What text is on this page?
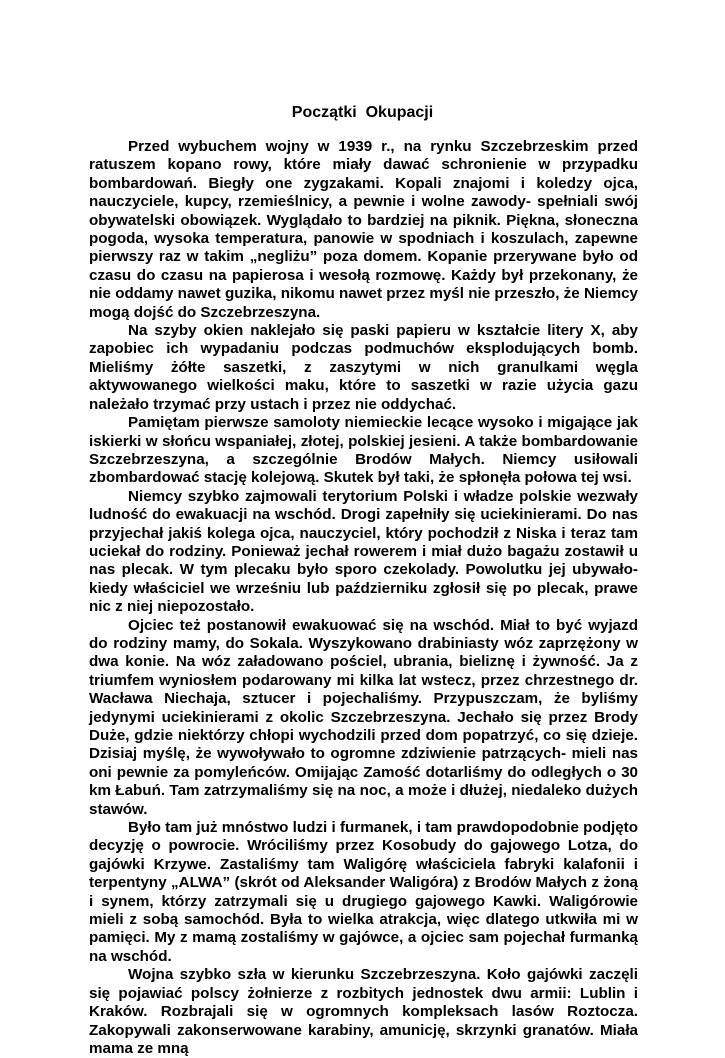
Początki  Okupacji

Przed wybuchem wojny w 1939 r., na rynku Szczebrzeskim przed ratuszem kopano rowy, które miały dawać schronienie w przypadku bombardowań. Biegły one zygzakami. Kopali znajomi i koledzy ojca, nauczyciele, kupcy, rzemieślnicy, a pewnie i wolne zawody- spełniali swój obywatelski obowiązek. Wyglądało to bardziej na piknik. Piękna, słoneczna pogoda, wysoka temperatura, panowie w spodniach i koszulach, zapewne pierwszy raz w takim „negliżu” poza domem. Kopanie przerywane było od czasu do czasu na papierosa i wesołą rozmowę. Każdy był przekonany, że nie oddamy nawet guzika, nikomu nawet przez myśl nie przeszło, że Niemcy mogą dojść do Szczebrzeszyna.

Na szyby okien naklejało się paski papieru w kształcie litery X, aby zapobiec ich wypadaniu podczas podmuchów eksplodujących bomb. Mieliśmy żółte saszetki, z zaszytymi w nich granulkami węgla aktywowanego wielkości maku, które to saszetki w razie użycia gazu należało trzymać przy ustach i przez nie oddychać.

Pamiętam pierwsze samoloty niemieckie lecące wysoko i migające jak iskierki w słońcu wspaniałej, złotej, polskiej jesieni. A także bombardowanie Szczebrzeszyna, a szczególnie Brodów Małych. Niemcy usiłowali zbombardować stację kolejową. Skutek był taki, że spłonęła połowa tej wsi.

Niemcy szybko zajmowali terytorium Polski i władze polskie wezwały ludność do ewakuacji na wschód. Drogi zapełniły się uciekinierami. Do nas przyjechał jakiś kolega ojca, nauczyciel, który pochodził z Niska i teraz tam uciekał do rodziny. Ponieważ jechał rowerem i miał dużo bagażu zostawił u nas plecak. W tym plecaku było sporo czekolady. Powolutku jej ubywało- kiedy właściciel we wrześniu lub październiku zgłosił się po plecak, prawe nic z niej niepozostało.

Ojciec też postanowił ewakuować się na wschód. Miał to być wyjazd do rodziny mamy, do Sokala. Wyszykowano drabiniasty wóz zaprzężony w dwa konie. Na wóz załadowano pościel, ubrania, bieliznę i żywność. Ja z triumfem wyniosłem podarowany mi kilka lat wstecz, przez chrzestnego dr. Wacława Niechaja, sztucer i pojechaliśmy. Przypuszczam, że byliśmy jedynymi uciekinierami z okolic Szczebrzeszyna. Jechało się przez Brody Duże, gdzie niektórzy chłopi wychodzili przed dom popatrzyć, co się dzieje. Dzisiaj myślę, że wywoływało to ogromne zdziwienie patrzących- mieli nas oni pewnie za pomyleńców. Omijając Zamość dotarliśmy do odległych o 30 km Łabuń. Tam zatrzymaliśmy się na noc, a może i dłużej, niedaleko dużych stawów.

Było tam już mnóstwo ludzi i furmanek, i tam prawdopodobnie podjęto decyzję o powrocie. Wróciliśmy przez Kosobudy do gajowego Lotza, do gajówki Krzywe. Zastaliśmy tam Waligórę właściciela fabryki kalafonii i terpentyny „ALWA” (skrót od Aleksander Waligóra) z Brodów Małych z żoną i synem, którzy zatrzymali się u drugiego gajowego Kawki. Waligórowie mieli z sobą samochód. Była to wielka atrakcja, więc dlatego utkwiła mi w pamięci. My z mamą zostaliśmy w gajówce, a ojciec sam pojechał furmanką na wschód.

Wojna szybko szła w kierunku Szczebrzeszyna. Koło gajówki zaczęli się pojawiać polscy żołnierze z rozbitych jednostek dwu armii: Lublin i Kraków. Rozbrajali się w ogromnych kompleksach lasów Roztocza. Zakopywali zakonserwowane karabiny, amunicję, skrzynki granatów. Miała mama ze mną
